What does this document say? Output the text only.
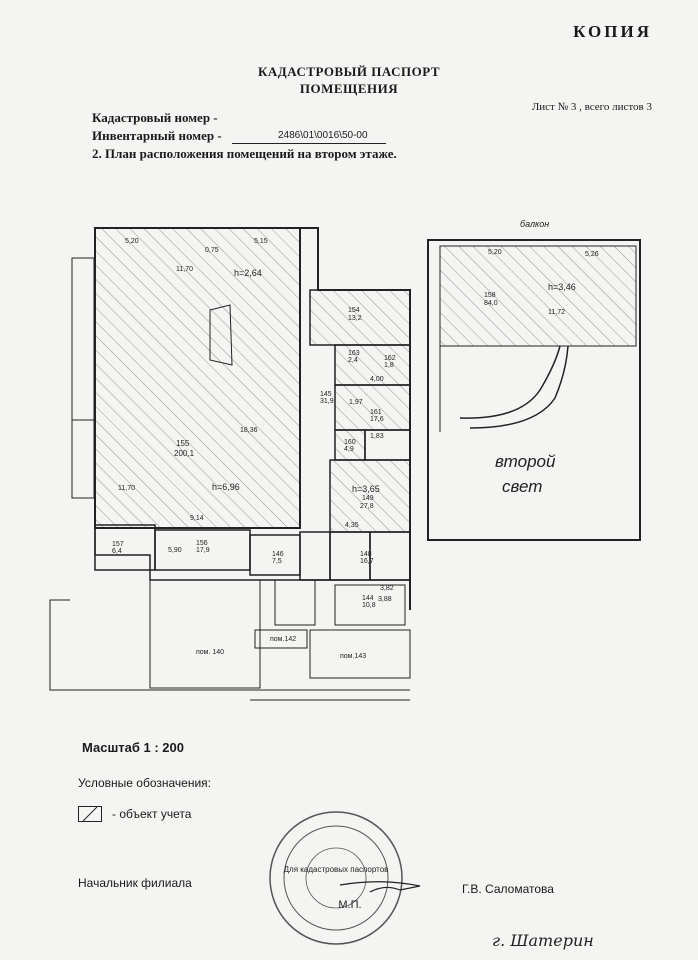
КОПИЯ
КАДАСТРОВЫЙ ПАСПОРТ
ПОМЕЩЕНИЯ
Лист № 3 , всего листов 3
Кадастровый номер -
Инвентарный номер -	2486\01\0016\50-00
2. План расположения помещений на втором этаже.
5,20
0,75
5,15
11,70
18,36
11,70
9,14
4,00
4,35
5,90
3,82
3,88
1,97
1,83
h=2,64
155
200,1
h=6,96
154
13,2
163
2,4	162
1,8
145
31,9
161
17,6
160
4,9
149
27,8
h=3,65
157
6,4
156
17,9
146
7,5
148
16,7
144
10,8
пом. 140
пом.142
пом.143
балкон
5,20	5,26
11,72
158
84,0
h=3,46
второй
свет
Для кадастровых паспортов
М.П.
г. Шатерин
Масштаб 1 : 200
Условные обозначения:
- объект учета
Начальник филиала	Г.В. Саломатова
